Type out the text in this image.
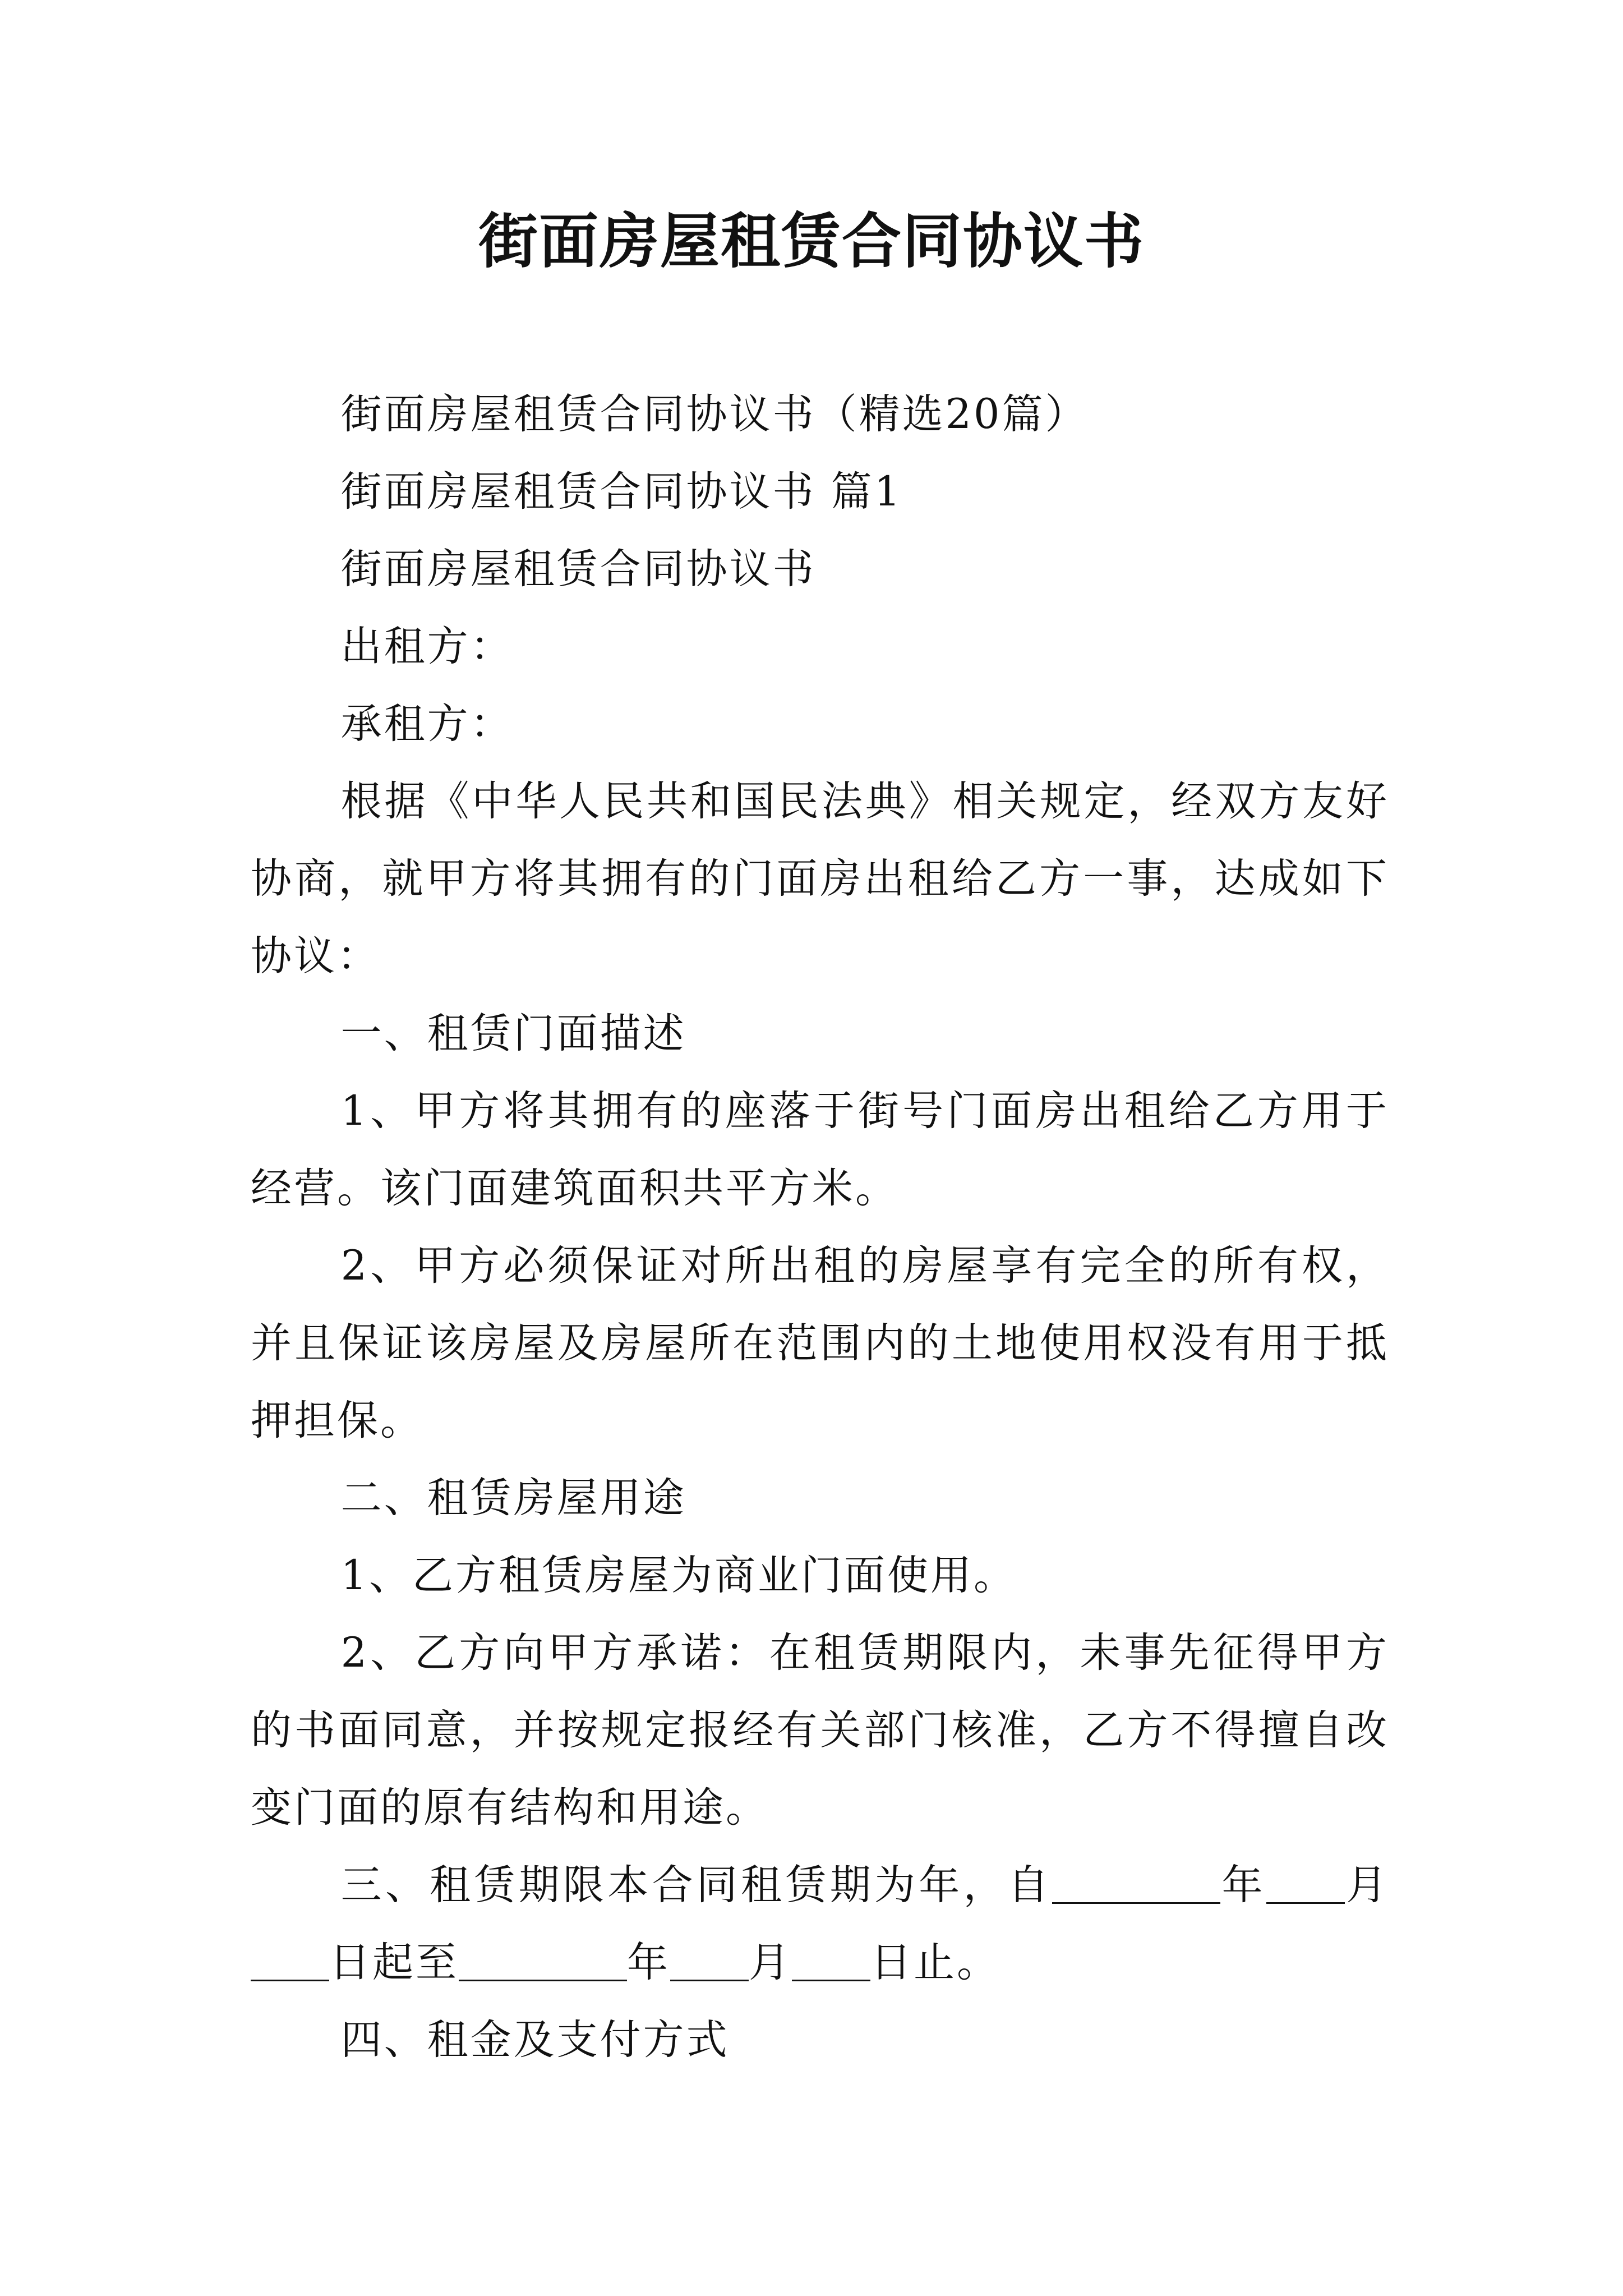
街面房屋租赁合同协议书

街面房屋租赁合同协议书（精选20篇）

街面房屋租赁合同协议书 篇1

街面房屋租赁合同协议书

出租方：

承租方：

根据《中华人民共和国民法典》相关规定，经双方友好协商，就甲方将其拥有的门面房出租给乙方一事，达成如下协议：

一、租赁门面描述

1、甲方将其拥有的座落于街号门面房出租给乙方用于经营。该门面建筑面积共平方米。

2、甲方必须保证对所出租的房屋享有完全的所有权，并且保证该房屋及房屋所在范围内的土地使用权没有用于抵押担保。

二、租赁房屋用途

1、乙方租赁房屋为商业门面使用。

2、乙方向甲方承诺：在租赁期限内，未事先征得甲方的书面同意，并按规定报经有关部门核准，乙方不得擅自改变门面的原有结构和用途。

三、租赁期限本合同租赁期为年，自	年 月日起至	年 月 日止。

四、租金及支付方式
